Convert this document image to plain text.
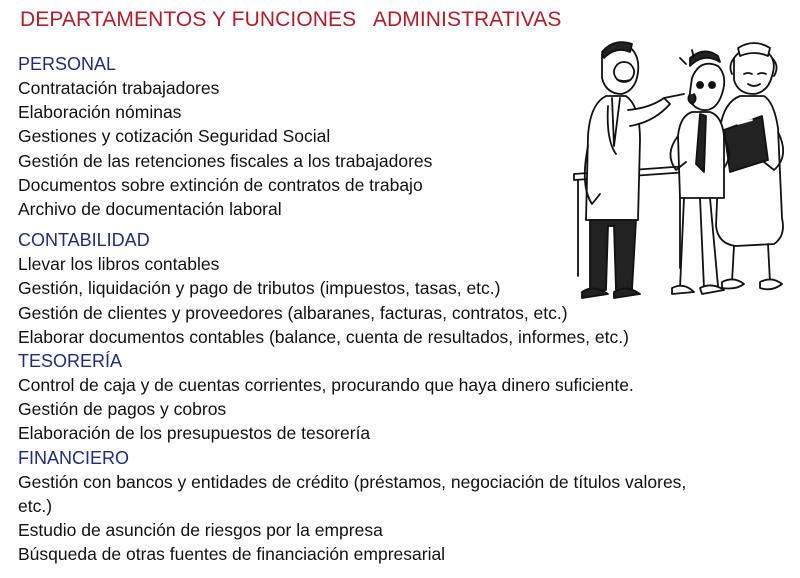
DEPARTAMENTOS Y FUNCIONES   ADMINISTRATIVAS
PERSONAL
Contratación trabajadores
Elaboración nóminas
Gestiones y cotización Seguridad Social
Gestión de las retenciones fiscales a los trabajadores
Documentos sobre extinción de contratos de trabajo
Archivo de documentación laboral
CONTABILIDAD
Llevar los libros contables
Gestión, liquidación y pago de tributos (impuestos, tasas, etc.)
Gestión de clientes y proveedores (albaranes, facturas, contratos, etc.)
Elaborar documentos contables (balance, cuenta de resultados, informes, etc.)
TESORERÍA
Control de caja y de cuentas corrientes, procurando que haya dinero suficiente.
Gestión de pagos y cobros
Elaboración de los presupuestos de tesorería
FINANCIERO
Gestión con bancos y entidades de crédito (préstamos, negociación de títulos valores, etc.)
Estudio de asunción de riesgos por la empresa
Búsqueda de otras fuentes de financiación empresarial
